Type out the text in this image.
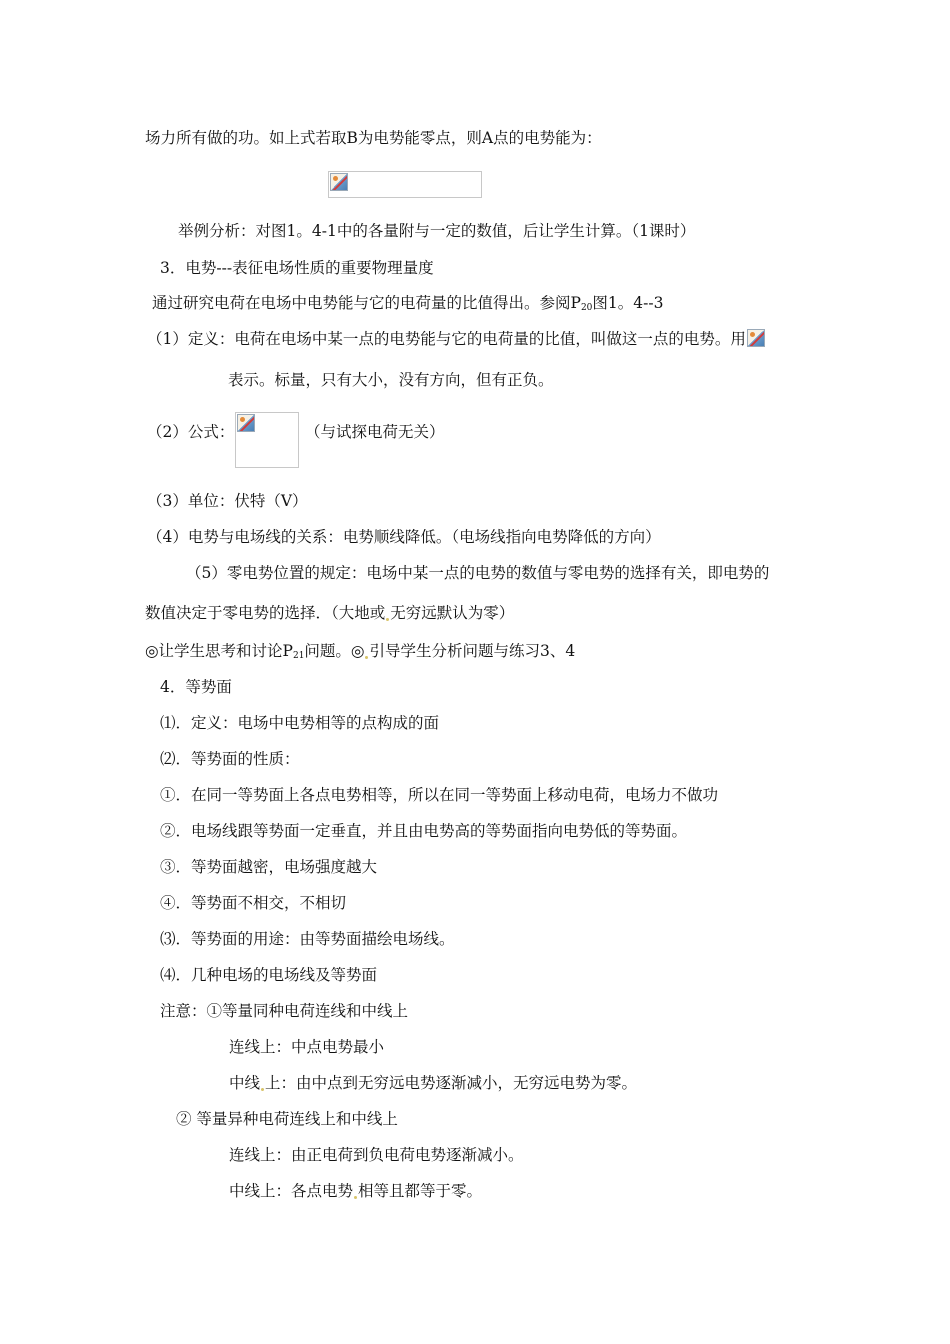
场力所有做的功。如上式若取B为电势能零点，则A点的电势能为：
举例分析：对图1。4-1中的各量附与一定的数值，后让学生计算。（1课时）
3．电势---表征电场性质的重要物理量度
通过研究电荷在电场中电势能与它的电荷量的比值得出。参阅$P_{20}$图1。4--3
（1）定义：电荷在电场中某一点的电势能与它的电荷量的比值，叫做这一点的电势。用
表示。标量，只有大小，没有方向，但有正负。
（2）公式：	（与试探电荷无关）
（3）单位：伏特（V）
（4）电势与电场线的关系：电势顺线降低。（电场线指向电势降低的方向）
（5）零电势位置的规定：电场中某一点的电势的数值与零电势的选择有关，即电势的
数值决定于零电势的选择．（大地或 无穷远默认为零）
◎让学生思考和讨论$P_{21}$问题。◎ 引导学生分析问题与练习3、4
4．等势面
⑴．定义：电场中电势相等的点构成的面
⑵．等势面的性质：
①．在同一等势面上各点电势相等，所以在同一等势面上移动电荷，电场力不做功
②．电场线跟等势面一定垂直，并且由电势高的等势面指向电势低的等势面。
③．等势面越密，电场强度越大
④．等势面不相交，不相切
⑶．等势面的用途：由等势面描绘电场线。
⑷．几种电场的电场线及等势面
注意：①等量同种电荷连线和中线上
连线上：中点电势最小
中线 上：由中点到无穷远电势逐渐减小，无穷远电势为零。
② 等量异种电荷连线上和中线上
连线上：由正电荷到负电荷电势逐渐减小。
中线上：各点电势 相等且都等于零。
